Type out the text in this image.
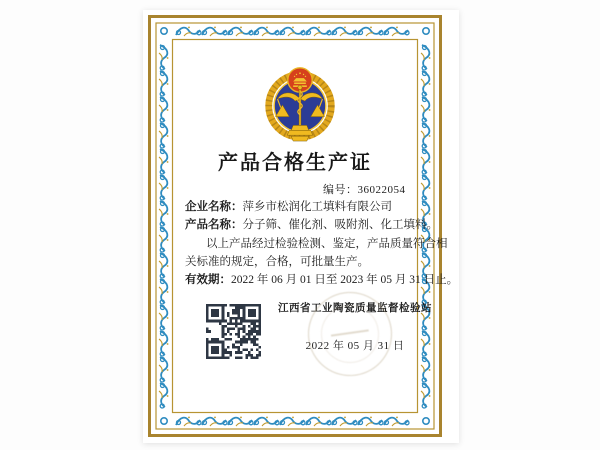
产品合格生产证
编号：36022054
企业名称：萍乡市松润化工填料有限公司
产品名称：分子筛、催化剂、吸附剂、化工填料。
以上产品经过检验检测、鉴定，产品质量符合相
关标准的规定，合格，可批量生产。
有效期：2022 年 06 月 01 日至 2023 年 05 月 31 日止。
江西省工业陶瓷质量监督检验站
2022 年 05 月 31 日
